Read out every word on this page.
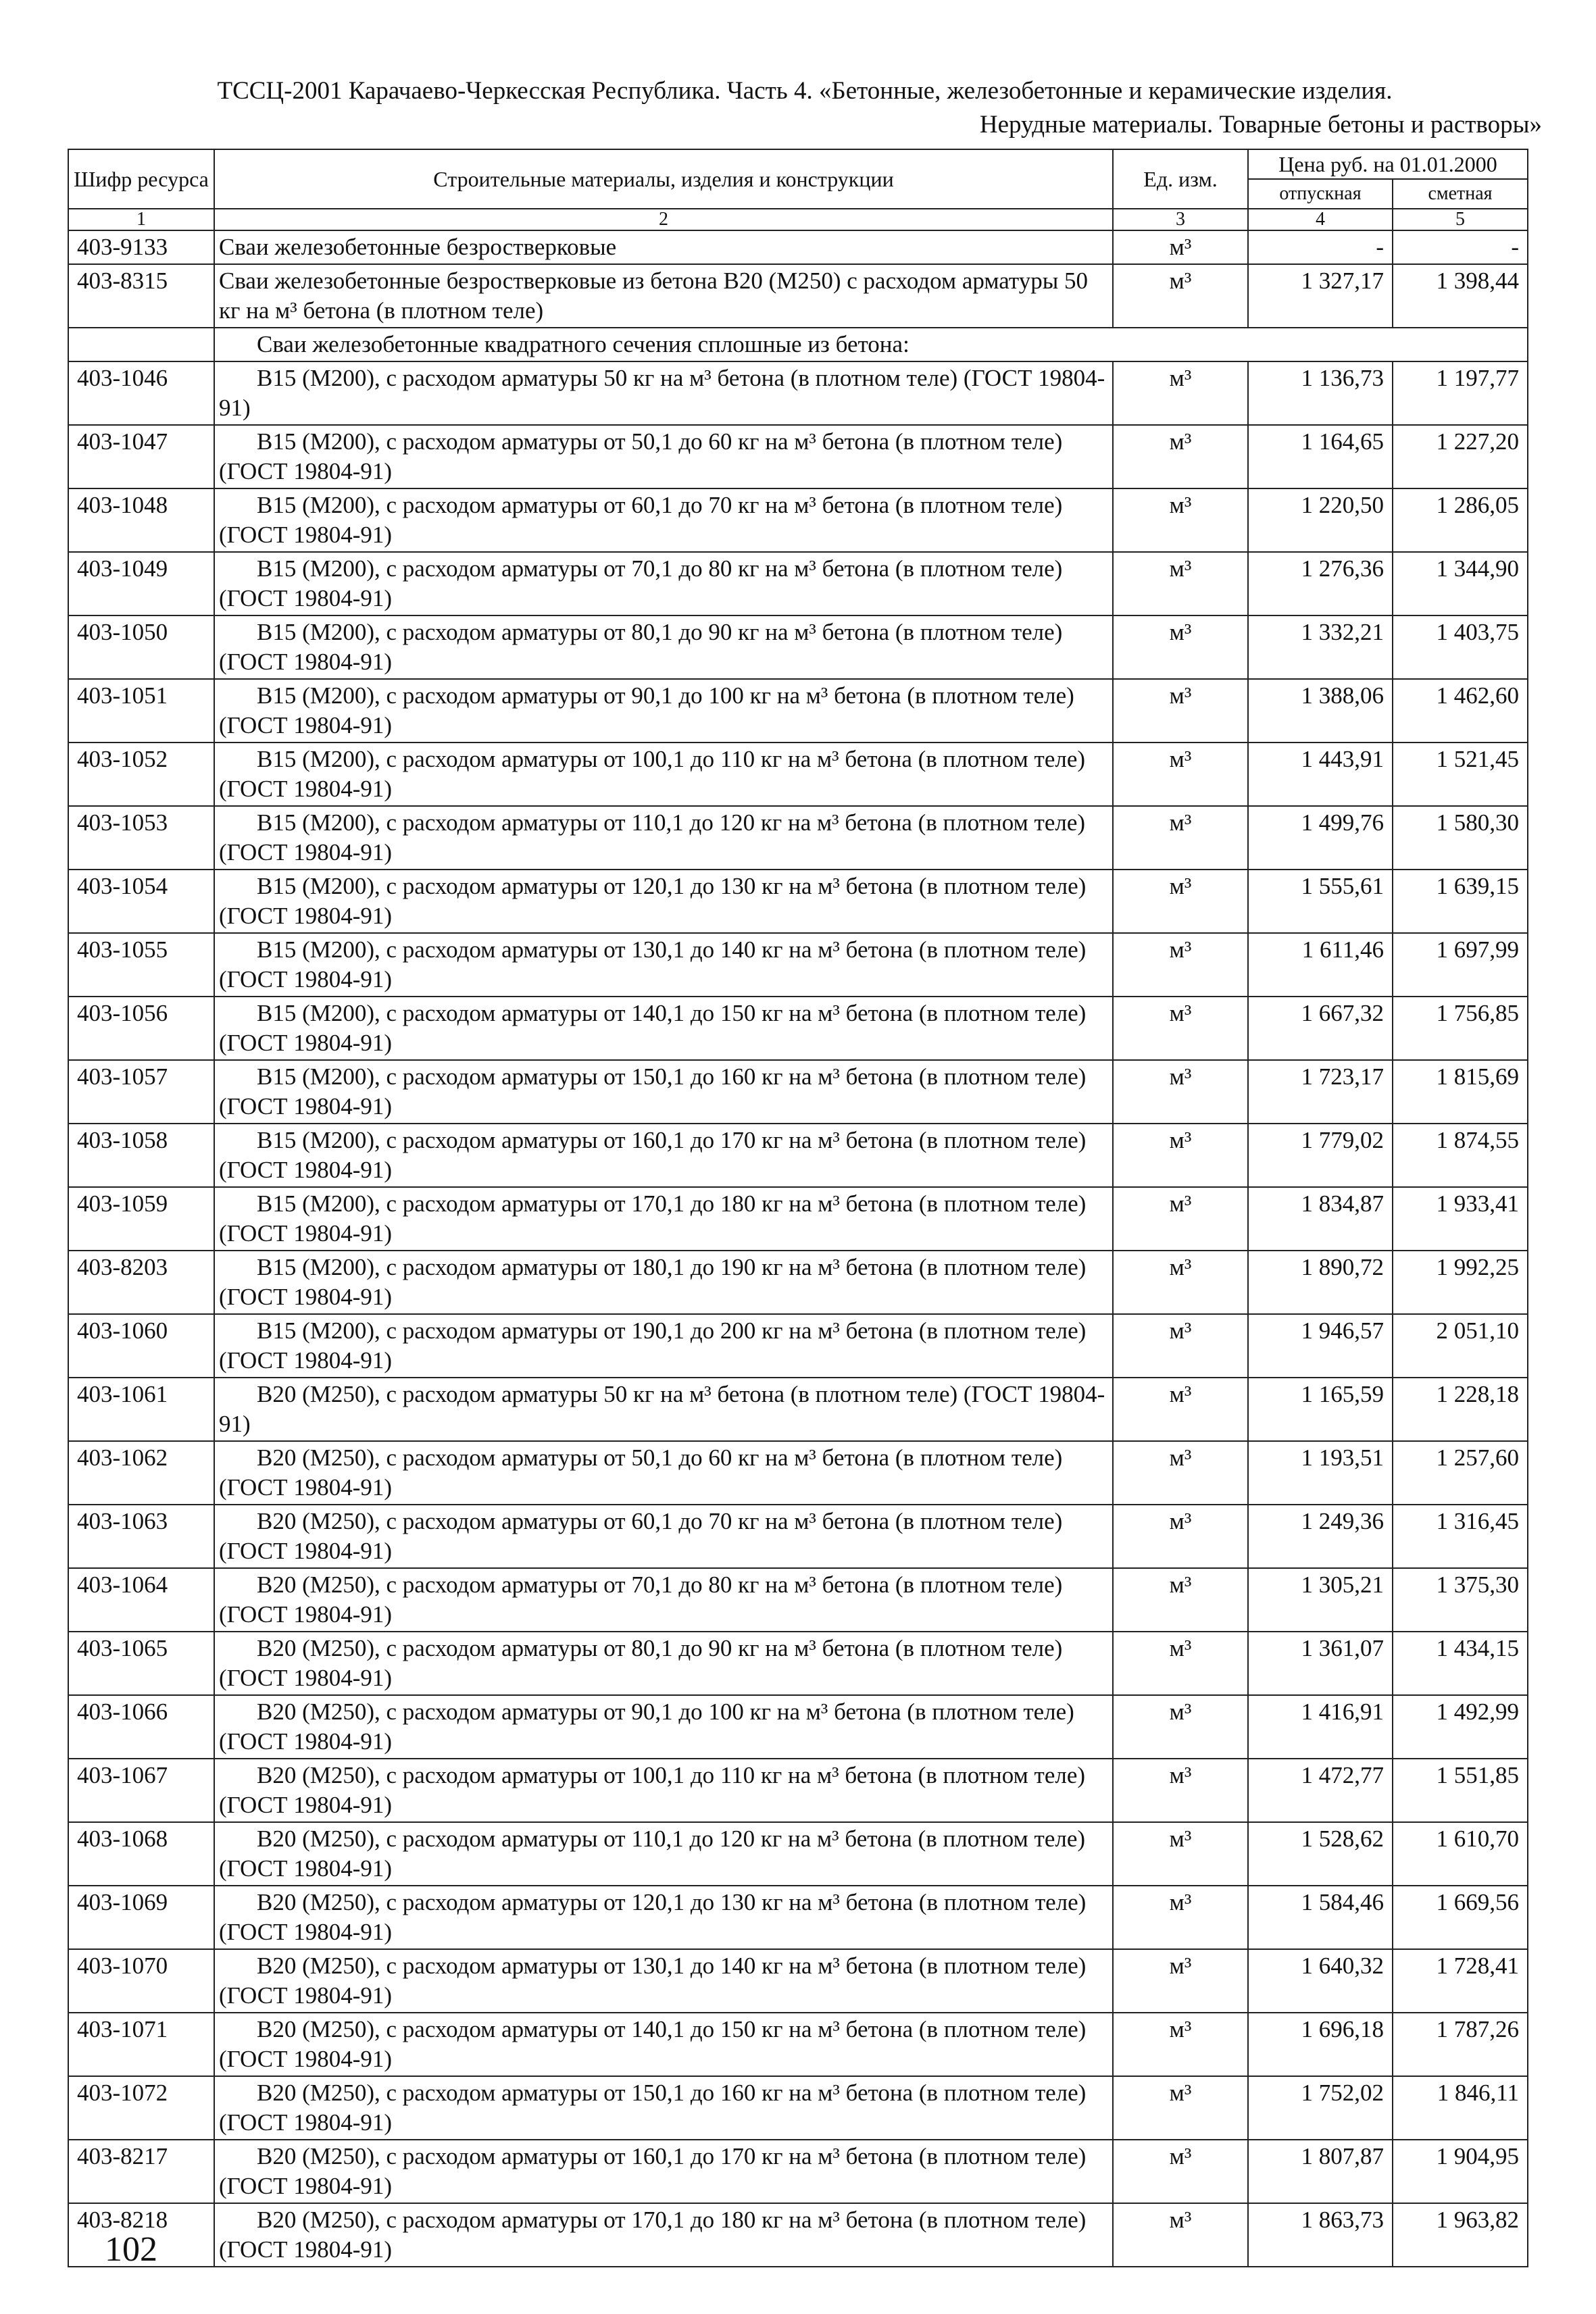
ТССЦ-2001 Карачаево-Черкесская Республика. Часть 4. «Бетонные, железобетонные и керамические изделия.
Нерудные материалы. Товарные бетоны и растворы»
Шифр ресурса	Строительные материалы, изделия и конструкции	Ед. изм.	Цена руб. на 01.01.2000	
			отпускная	сметная
1	2	3	4	5
403-9133	Сваи железобетонные безростверковые	м³	-	-
403-8315	Сваи железобетонные безростверковые из бетона В20 (М250) с расходом арматуры 50 кг на м³ бетона (в плотном теле)	м³	1 327,17	1 398,44
	Сваи железобетонные квадратного сечения сплошные из бетона:			
403-1046	В15 (М200), с расходом арматуры 50 кг на м³ бетона (в плотном теле) (ГОСТ 19804-91)	м³	1 136,73	1 197,77
403-1047	В15 (М200), с расходом арматуры от 50,1 до 60 кг на м³ бетона (в плотном теле) (ГОСТ 19804-91)	м³	1 164,65	1 227,20
403-1048	В15 (М200), с расходом арматуры от 60,1 до 70 кг на м³ бетона (в плотном теле) (ГОСТ 19804-91)	м³	1 220,50	1 286,05
403-1049	В15 (М200), с расходом арматуры от 70,1 до 80 кг на м³ бетона (в плотном теле) (ГОСТ 19804-91)	м³	1 276,36	1 344,90
403-1050	В15 (М200), с расходом арматуры от 80,1 до 90 кг на м³ бетона (в плотном теле) (ГОСТ 19804-91)	м³	1 332,21	1 403,75
403-1051	В15 (М200), с расходом арматуры от 90,1 до 100 кг на м³ бетона (в плотном теле) (ГОСТ 19804-91)	м³	1 388,06	1 462,60
403-1052	В15 (М200), с расходом арматуры от 100,1 до 110 кг на м³ бетона (в плотном теле) (ГОСТ 19804-91)	м³	1 443,91	1 521,45
403-1053	В15 (М200), с расходом арматуры от 110,1 до 120 кг на м³ бетона (в плотном теле) (ГОСТ 19804-91)	м³	1 499,76	1 580,30
403-1054	В15 (М200), с расходом арматуры от 120,1 до 130 кг на м³ бетона (в плотном теле) (ГОСТ 19804-91)	м³	1 555,61	1 639,15
403-1055	В15 (М200), с расходом арматуры от 130,1 до 140 кг на м³ бетона (в плотном теле) (ГОСТ 19804-91)	м³	1 611,46	1 697,99
403-1056	В15 (М200), с расходом арматуры от 140,1 до 150 кг на м³ бетона (в плотном теле) (ГОСТ 19804-91)	м³	1 667,32	1 756,85
403-1057	В15 (М200), с расходом арматуры от 150,1 до 160 кг на м³ бетона (в плотном теле) (ГОСТ 19804-91)	м³	1 723,17	1 815,69
403-1058	В15 (М200), с расходом арматуры от 160,1 до 170 кг на м³ бетона (в плотном теле) (ГОСТ 19804-91)	м³	1 779,02	1 874,55
403-1059	В15 (М200), с расходом арматуры от 170,1 до 180 кг на м³ бетона (в плотном теле) (ГОСТ 19804-91)	м³	1 834,87	1 933,41
403-8203	В15 (М200), с расходом арматуры от 180,1 до 190 кг на м³ бетона (в плотном теле) (ГОСТ 19804-91)	м³	1 890,72	1 992,25
403-1060	В15 (М200), с расходом арматуры от 190,1 до 200 кг на м³ бетона (в плотном теле) (ГОСТ 19804-91)	м³	1 946,57	2 051,10
403-1061	В20 (М250), с расходом арматуры 50 кг на м³ бетона (в плотном теле) (ГОСТ 19804-91)	м³	1 165,59	1 228,18
403-1062	В20 (М250), с расходом арматуры от 50,1 до 60 кг на м³ бетона (в плотном теле) (ГОСТ 19804-91)	м³	1 193,51	1 257,60
403-1063	В20 (М250), с расходом арматуры от 60,1 до 70 кг на м³ бетона (в плотном теле) (ГОСТ 19804-91)	м³	1 249,36	1 316,45
403-1064	В20 (М250), с расходом арматуры от 70,1 до 80 кг на м³ бетона (в плотном теле) (ГОСТ 19804-91)	м³	1 305,21	1 375,30
403-1065	В20 (М250), с расходом арматуры от 80,1 до 90 кг на м³ бетона (в плотном теле) (ГОСТ 19804-91)	м³	1 361,07	1 434,15
403-1066	В20 (М250), с расходом арматуры от 90,1 до 100 кг на м³ бетона (в плотном теле) (ГОСТ 19804-91)	м³	1 416,91	1 492,99
403-1067	В20 (М250), с расходом арматуры от 100,1 до 110 кг на м³ бетона (в плотном теле) (ГОСТ 19804-91)	м³	1 472,77	1 551,85
403-1068	В20 (М250), с расходом арматуры от 110,1 до 120 кг на м³ бетона (в плотном теле) (ГОСТ 19804-91)	м³	1 528,62	1 610,70
403-1069	В20 (М250), с расходом арматуры от 120,1 до 130 кг на м³ бетона (в плотном теле) (ГОСТ 19804-91)	м³	1 584,46	1 669,56
403-1070	В20 (М250), с расходом арматуры от 130,1 до 140 кг на м³ бетона (в плотном теле) (ГОСТ 19804-91)	м³	1 640,32	1 728,41
403-1071	В20 (М250), с расходом арматуры от 140,1 до 150 кг на м³ бетона (в плотном теле) (ГОСТ 19804-91)	м³	1 696,18	1 787,26
403-1072	В20 (М250), с расходом арматуры от 150,1 до 160 кг на м³ бетона (в плотном теле) (ГОСТ 19804-91)	м³	1 752,02	1 846,11
403-8217	В20 (М250), с расходом арматуры от 160,1 до 170 кг на м³ бетона (в плотном теле) (ГОСТ 19804-91)	м³	1 807,87	1 904,95
403-8218	В20 (М250), с расходом арматуры от 170,1 до 180 кг на м³ бетона (в плотном теле) (ГОСТ 19804-91)	м³	1 863,73	1 963,82
102
